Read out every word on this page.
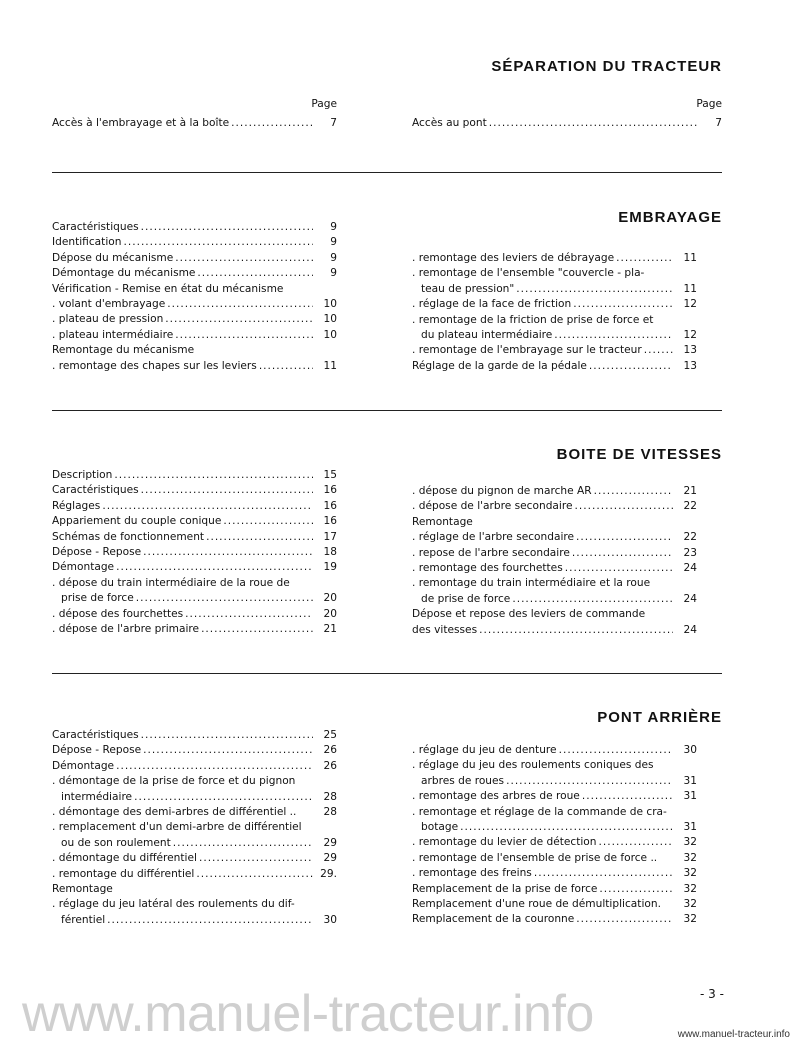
SÉPARATION DU TRACTEUR
Page
Accès à l'embrayage et à la boîte .....	7
Page
Accès au pont .....	7
EMBRAYAGE
Caractéristiques .....	9
Identification .....	9
Dépose du mécanisme .....	9
Démontage du mécanisme .....	9
Vérification - Remise en état du mécanisme
. volant d'embrayage .....	10
. plateau de pression .....	10
. plateau intermédiaire .....	10
Remontage du mécanisme
. remontage des chapes sur les leviers .....	11
. remontage des leviers de débrayage .....	11
. remontage de l'ensemble "couvercle - pla-
teau de pression" .....	11
. réglage de la face de friction .....	12
. remontage de la friction de prise de force et
du plateau intermédiaire .....	12
. remontage de l'embrayage sur le tracteur .....	13
Réglage de la garde de la pédale .....	13
BOITE DE VITESSES
Description .....	15
Caractéristiques .....	16
Réglages .....	16
Appariement du couple conique .....	16
Schémas de fonctionnement .....	17
Dépose - Repose .....	18
Démontage .....	19
. dépose du train intermédiaire de la roue de
prise de force .....	20
. dépose des fourchettes .....	20
. dépose de l'arbre primaire .....	21
. dépose du pignon de marche AR .....	21
. dépose de l'arbre secondaire .....	22
Remontage
. réglage de l'arbre secondaire .....	22
. repose de l'arbre secondaire .....	23
. remontage des fourchettes .....	24
. remontage du train intermédiaire et la roue
de prise de force .....	24
Dépose et repose des leviers de commande
des vitesses .....	24
PONT ARRIÈRE
Caractéristiques .....	25
Dépose - Repose .....	26
Démontage .....	26
. démontage de la prise de force et du pignon
intermédiaire .....	28
. démontage des demi-arbres de différentiel ..	28
. remplacement d'un demi-arbre de différentiel
ou de son roulement .....	29
. démontage du différentiel .....	29
. remontage du différentiel .....	29.
Remontage
. réglage du jeu latéral des roulements du dif-
férentiel .....	30
. réglage du jeu de denture .....	30
. réglage du jeu des roulements coniques des
arbres de roues .....	31
. remontage des arbres de roue .....	31
. remontage et réglage de la commande de cra-
botage .....	31
. remontage du levier de détection .....	32
. remontage de l'ensemble de prise de force ..	32
. remontage des freins .....	32
Remplacement de la prise de force .....	32
Remplacement d'une roue de démultiplication.	32
Remplacement de la couronne .....	32
www.manuel-tracteur.info	- 3 -
www.manuel-tracteur.info
